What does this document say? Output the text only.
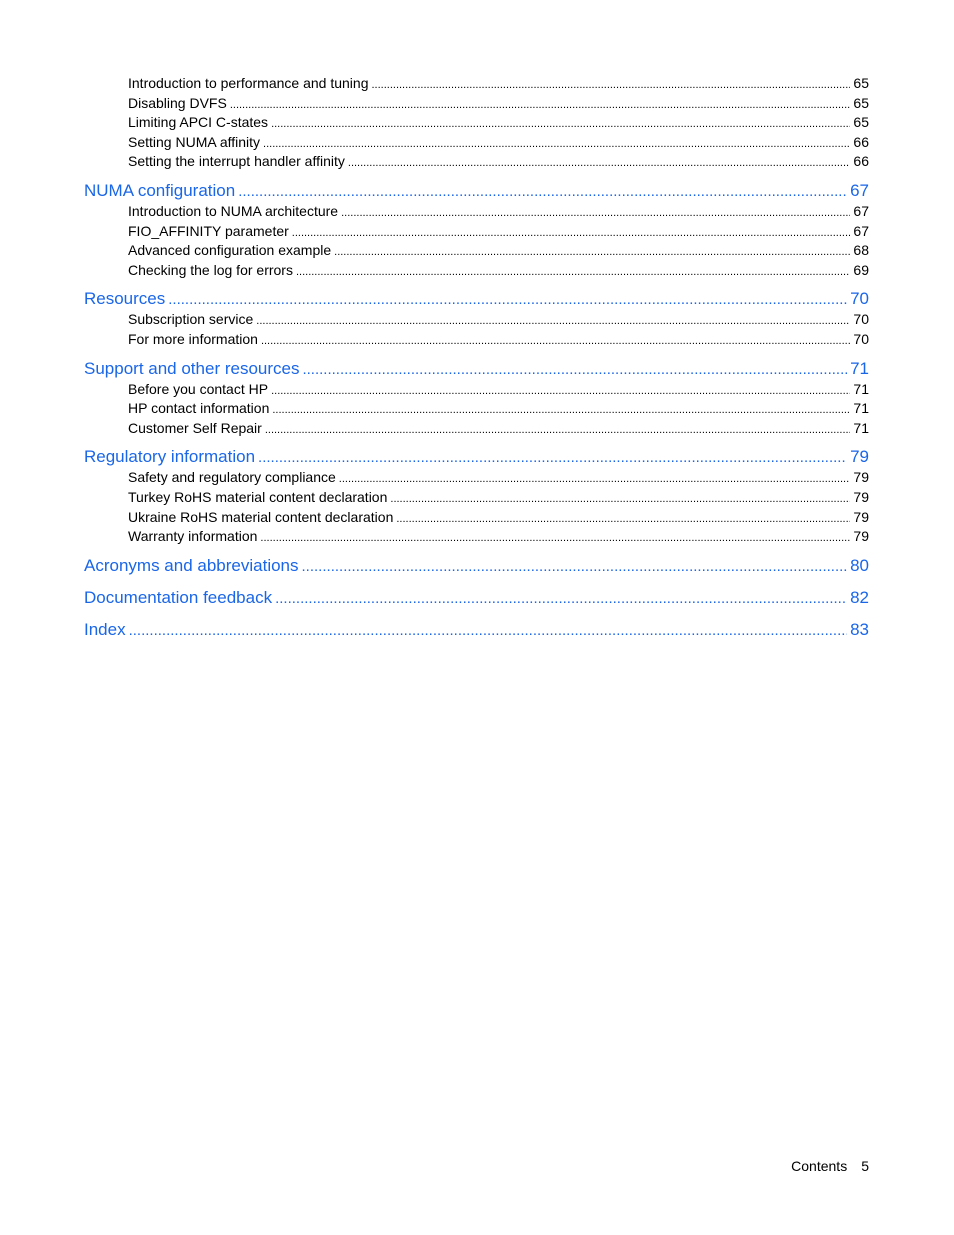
Introduction to performance and tuning .....	65
Disabling DVFS .....	65
Limiting APCI C-states .....	65
Setting NUMA affinity .....	66
Setting the interrupt handler affinity .....	66
NUMA configuration .....	67
Introduction to NUMA architecture .....	67
FIO_AFFINITY parameter .....	67
Advanced configuration example .....	68
Checking the log for errors .....	69
Resources .....	70
Subscription service .....	70
For more information .....	70
Support and other resources .....	71
Before you contact HP .....	71
HP contact information .....	71
Customer Self Repair .....	71
Regulatory information .....	79
Safety and regulatory compliance .....	79
Turkey RoHS material content declaration .....	79
Ukraine RoHS material content declaration .....	79
Warranty information .....	79
Acronyms and abbreviations .....	80
Documentation feedback .....	82
Index .....	83
Contents 5
